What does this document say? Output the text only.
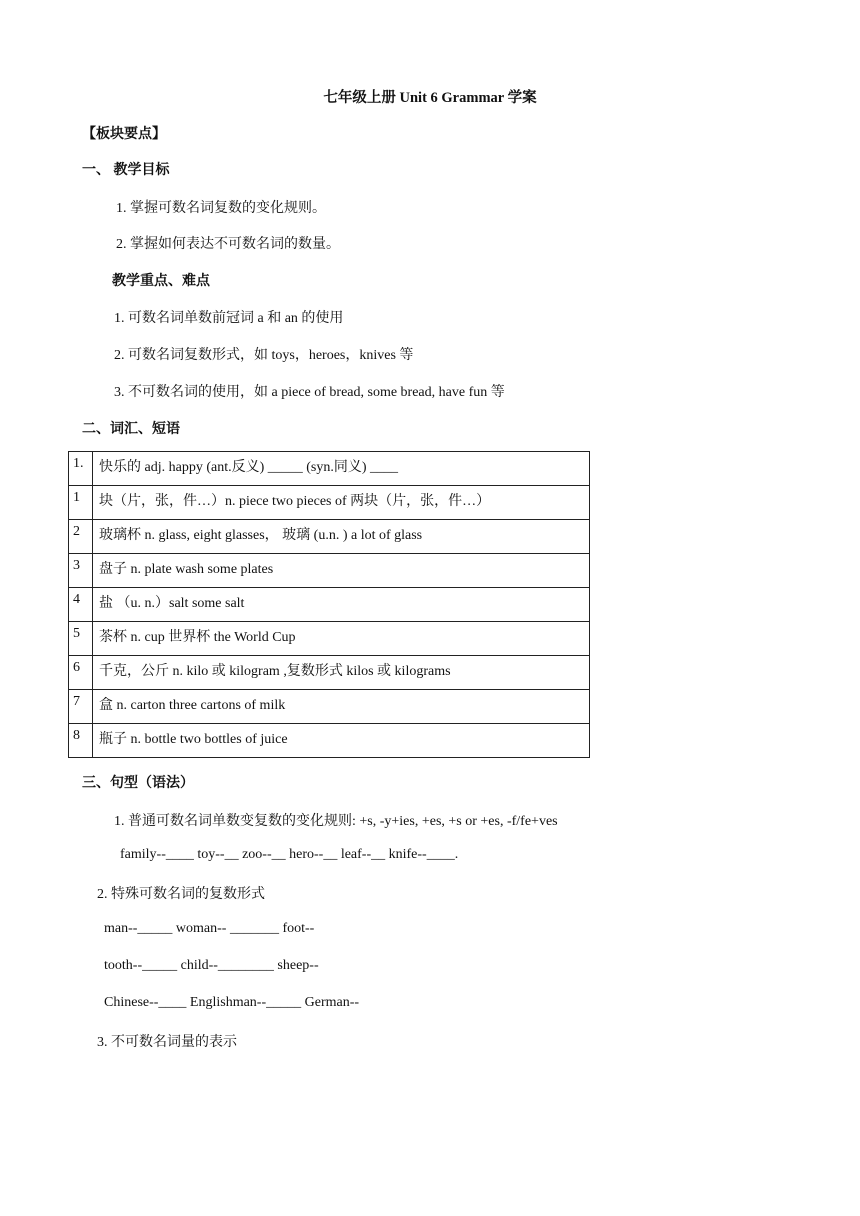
七年级上册 Unit 6 Grammar 学案
【板块要点】
一、 教学目标
1. 掌握可数名词复数的变化规则。
2. 掌握如何表达不可数名词的数量。
教学重点、难点
1. 可数名词单数前冠词 a 和 an 的使用
2. 可数名词复数形式，如 toys，heroes，knives 等
3. 不可数名词的使用，如 a piece of bread, some bread, have fun 等
二、词汇、短语
1.	快乐的 adj. happy (ant.反义) _____ (syn.同义) ____
1	块（片，张，件…）n. piece two pieces of 两块（片，张，件…）
2	玻璃杯 n. glass, eight glasses， 玻璃 (u.n. ) a lot of glass
3	盘子 n. plate wash some plates
4	盐 （u. n.）salt some salt
5	茶杯 n. cup 世界杯 the World Cup
6	千克，公斤 n. kilo 或 kilogram ,复数形式 kilos 或 kilograms
7	盒 n. carton three cartons of milk
8	瓶子 n. bottle two bottles of juice
三、句型（语法）
1. 普通可数名词单数变复数的变化规则: +s, -y+ies, +es, +s or +es, -f/fe+ves
family--____ toy--__ zoo--__ hero--__ leaf--__ knife--____.
2. 特殊可数名词的复数形式
man--_____ woman-- _______ foot--
tooth--_____ child--________ sheep--
Chinese--____ Englishman--_____ German--
3. 不可数名词量的表示
